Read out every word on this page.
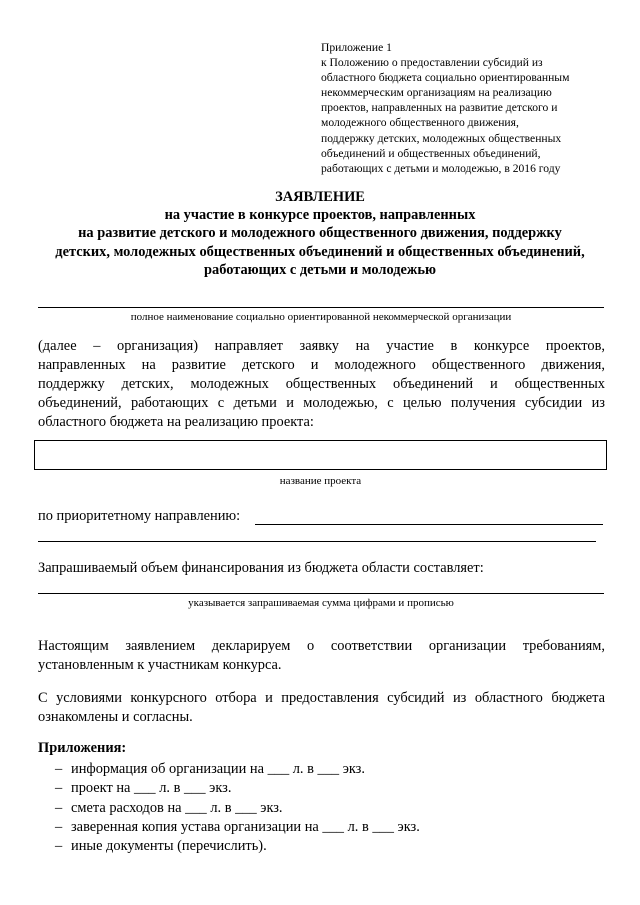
Приложение 1
к Положению о предоставлении субсидий из
областного бюджета социально ориентированным
некоммерческим организациям на реализацию
проектов, направленных на развитие детского и
молодежного общественного движения,
поддержку детских, молодежных общественных
объединений и общественных объединений,
работающих с детьми и молодежью, в 2016 году
ЗАЯВЛЕНИЕ
на участие в конкурсе проектов, направленных
на развитие детского и молодежного общественного движения, поддержку
детских, молодежных общественных объединений и общественных объединений,
работающих с детьми и молодежью
полное наименование социально ориентированной некоммерческой организации
(далее – организация) направляет заявку на участие в конкурсе проектов,
направленных на развитие детского и молодежного общественного движения,
поддержку детских, молодежных общественных объединений и общественных
объединений, работающих с детьми и молодежью, с целью получения субсидии из
областного бюджета на реализацию проекта:
название проекта
по приоритетному направлению:
Запрашиваемый объем финансирования из бюджета области составляет:
указывается запрашиваемая сумма цифрами и прописью
Настоящим заявлением декларируем о соответствии организации требованиям,
установленным к участникам конкурса.
С условиями конкурсного отбора и предоставления субсидий из областного бюджета
ознакомлены и согласны.
Приложения:
– информация об организации на ___ л. в ___ экз.
– проект на ___ л. в ___ экз.
– смета расходов на ___ л. в ___ экз.
– заверенная копия устава организации на ___ л. в ___ экз.
– иные документы (перечислить).
